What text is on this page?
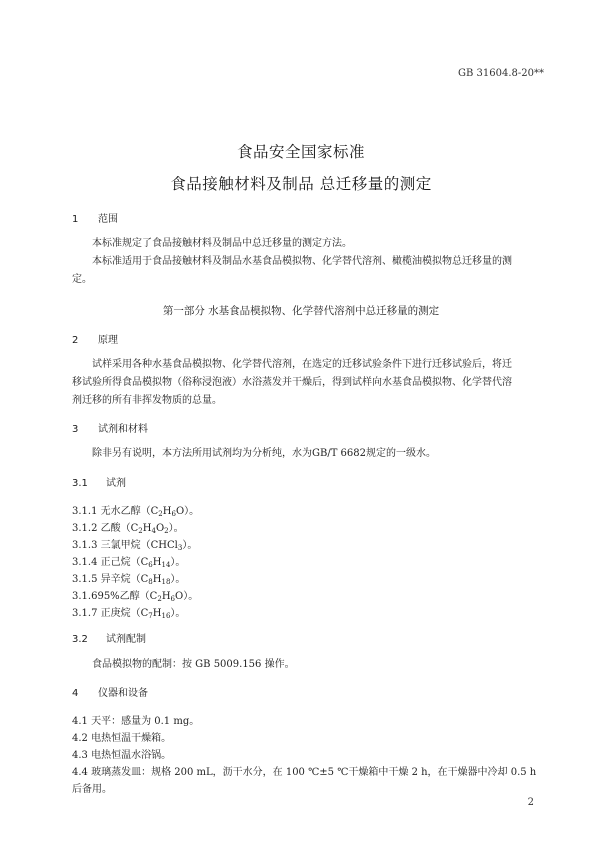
GB 31604.8-20**
食品安全国家标准
食品接触材料及制品 总迁移量的测定
1 范围
本标准规定了食品接触材料及制品中总迁移量的测定方法。
本标准适用于食品接触材料及制品水基食品模拟物、化学替代溶剂、橄榄油模拟物总迁移量的测
定。
第一部分 水基食品模拟物、化学替代溶剂中总迁移量的测定
2 原理
试样采用各种水基食品模拟物、化学替代溶剂，在选定的迁移试验条件下进行迁移试验后，将迁
移试验所得食品模拟物（俗称浸泡液）水浴蒸发并干燥后，得到试样向水基食品模拟物、化学替代溶
剂迁移的所有非挥发物质的总量。
3 试剂和材料
除非另有说明，本方法所用试剂均为分析纯，水为GB/T 6682规定的一级水。
3.1 试剂
3.1.1 无水乙醇$(C_2H_6O)$。
3.1.2 乙酸$(C_2H_4O_2)$。
3.1.3 三氯甲烷（CHCl$_3$）。
3.1.4 正己烷$(C_6H_{14})$。
3.1.5 异辛烷$(C_8H_{18})$。
3.1.695%乙醇$(C_2H_6O)$。
3.1.7 正庚烷$(C_7H_{16})$。
3.2 试剂配制
食品模拟物的配制：按 GB 5009.156 操作。
4 仪器和设备
4.1 天平：感量为 0.1 mg。
4.2 电热恒温干燥箱。
4.3 电热恒温水浴锅。
4.4 玻璃蒸发皿：规格 200 mL，沥干水分，在 100 ℃±5 ℃干燥箱中干燥 2 h，在干燥器中冷却 0.5 h
后备用。
2
